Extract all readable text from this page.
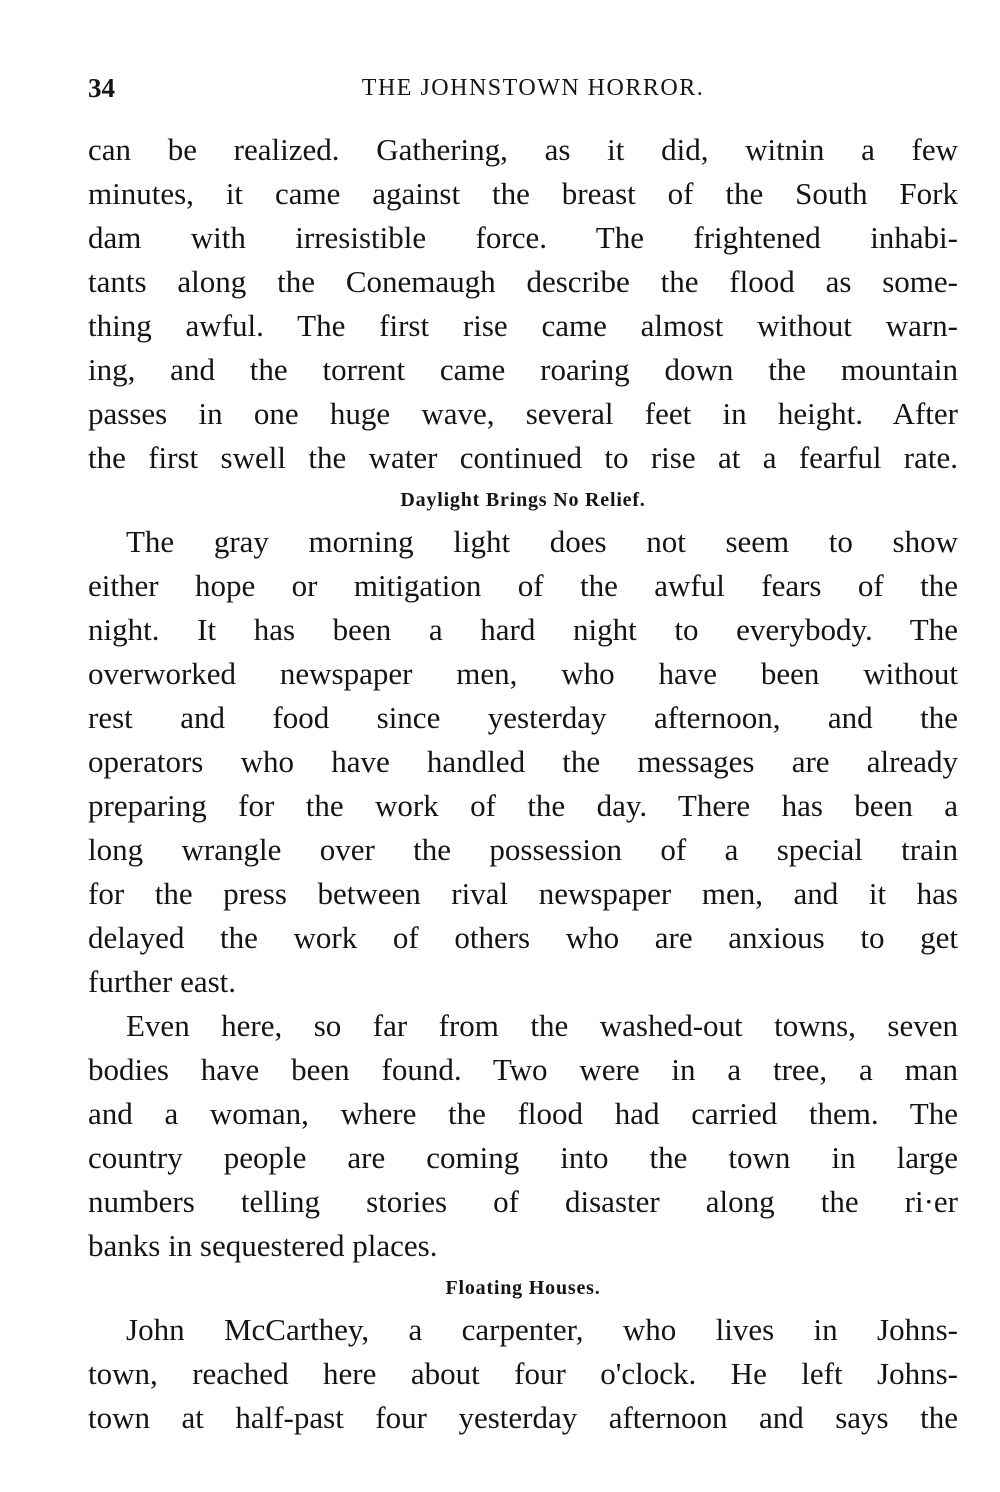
34	THE JOHNSTOWN HORROR.
can be realized. Gathering, as it did, witnin a few
minutes, it came against the breast of the South Fork
dam with irresistible force. The frightened inhabi-
tants along the Conemaugh describe the flood as some-
thing awful. The first rise came almost without warn-
ing, and the torrent came roaring down the mountain
passes in one huge wave, several feet in height. After
the first swell the water continued to rise at a fearful rate.
Daylight Brings No Relief.
The gray morning light does not seem to show
either hope or mitigation of the awful fears of the
night. It has been a hard night to everybody. The
overworked newspaper men, who have been without
rest and food since yesterday afternoon, and the
operators who have handled the messages are already
preparing for the work of the day. There has been a
long wrangle over the possession of a special train
for the press between rival newspaper men, and it has
delayed the work of others who are anxious to get
further east.
Even here, so far from the washed-out towns, seven
bodies have been found. Two were in a tree, a man
and a woman, where the flood had carried them. The
country people are coming into the town in large
numbers telling stories of disaster along the ri·er
banks in sequestered places.
Floating Houses.
John McCarthey, a carpenter, who lives in Johns-
town, reached here about four o'clock. He left Johns-
town at half-past four yesterday afternoon and says the
